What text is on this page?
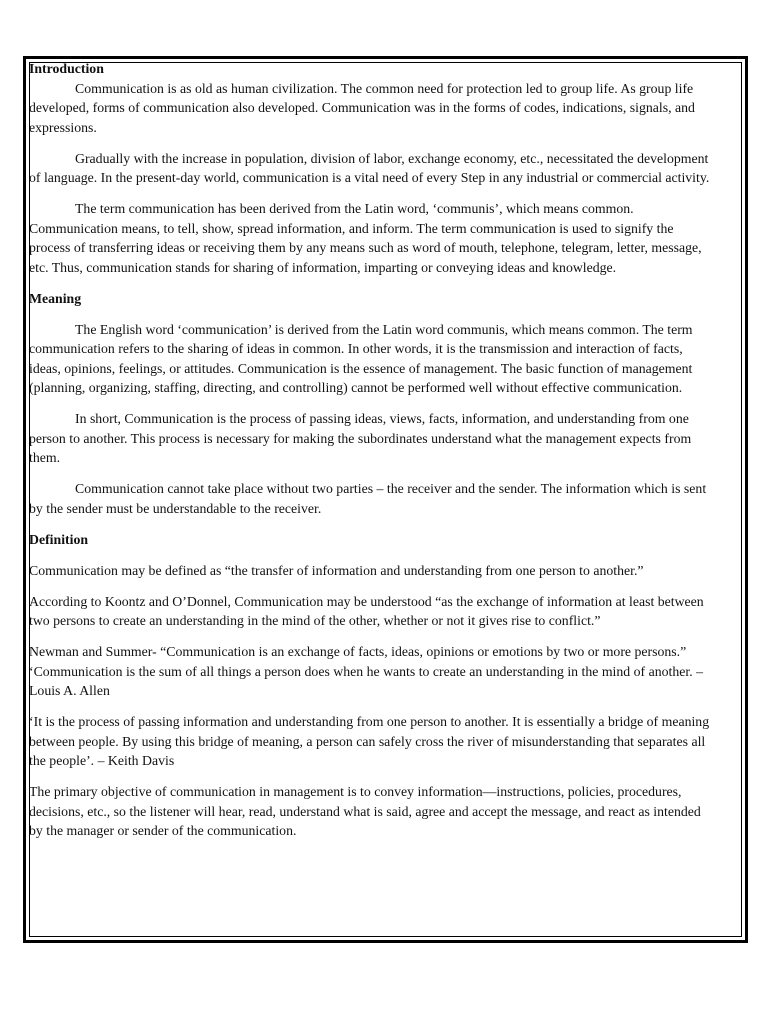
Introduction

Communication is as old as human civilization. The common need for protection led to group life. As group life developed, forms of communication also developed. Communication was in the forms of codes, indications, signals, and expressions.

Gradually with the increase in population, division of labor, exchange economy, etc., necessitated the development of language. In the present-day world, communication is a vital need of every Step in any industrial or commercial activity.

The term communication has been derived from the Latin word, ‘communis’, which means common. Communication means, to tell, show, spread information, and inform. The term communication is used to signify the process of transferring ideas or receiving them by any means such as word of mouth, telephone, telegram, letter, message, etc. Thus, communication stands for sharing of information, imparting or conveying ideas and knowledge.

Meaning

The English word ‘communication’ is derived from the Latin word communis, which means common. The term communication refers to the sharing of ideas in common. In other words, it is the transmission and interaction of facts, ideas, opinions, feelings, or attitudes. Communication is the essence of management. The basic function of management (planning, organizing, staffing, directing, and controlling) cannot be performed well without effective communication.

In short, Communication is the process of passing ideas, views, facts, information, and understanding from one person to another. This process is necessary for making the subordinates understand what the management expects from them.

Communication cannot take place without two parties – the receiver and the sender. The information which is sent by the sender must be understandable to the receiver.

Definition

Communication may be defined as “the transfer of information and understanding from one person to another.”

According to Koontz and O’Donnel, Communication may be understood “as the exchange of information at least between two persons to create an understanding in the mind of the other, whether or not it gives rise to conflict.”

Newman and Summer- “Communication is an exchange of facts, ideas, opinions or emotions by two or more persons.” ‘Communication is the sum of all things a person does when he wants to create an understanding in the mind of another. – Louis A. Allen

‘It is the process of passing information and understanding from one person to another. It is essentially a bridge of meaning between people. By using this bridge of meaning, a person can safely cross the river of misunderstanding that separates all the people’. – Keith Davis

The primary objective of communication in management is to convey information—instructions, policies, procedures, decisions, etc., so the listener will hear, read, understand what is said, agree and accept the message, and react as intended by the manager or sender of the communication.
